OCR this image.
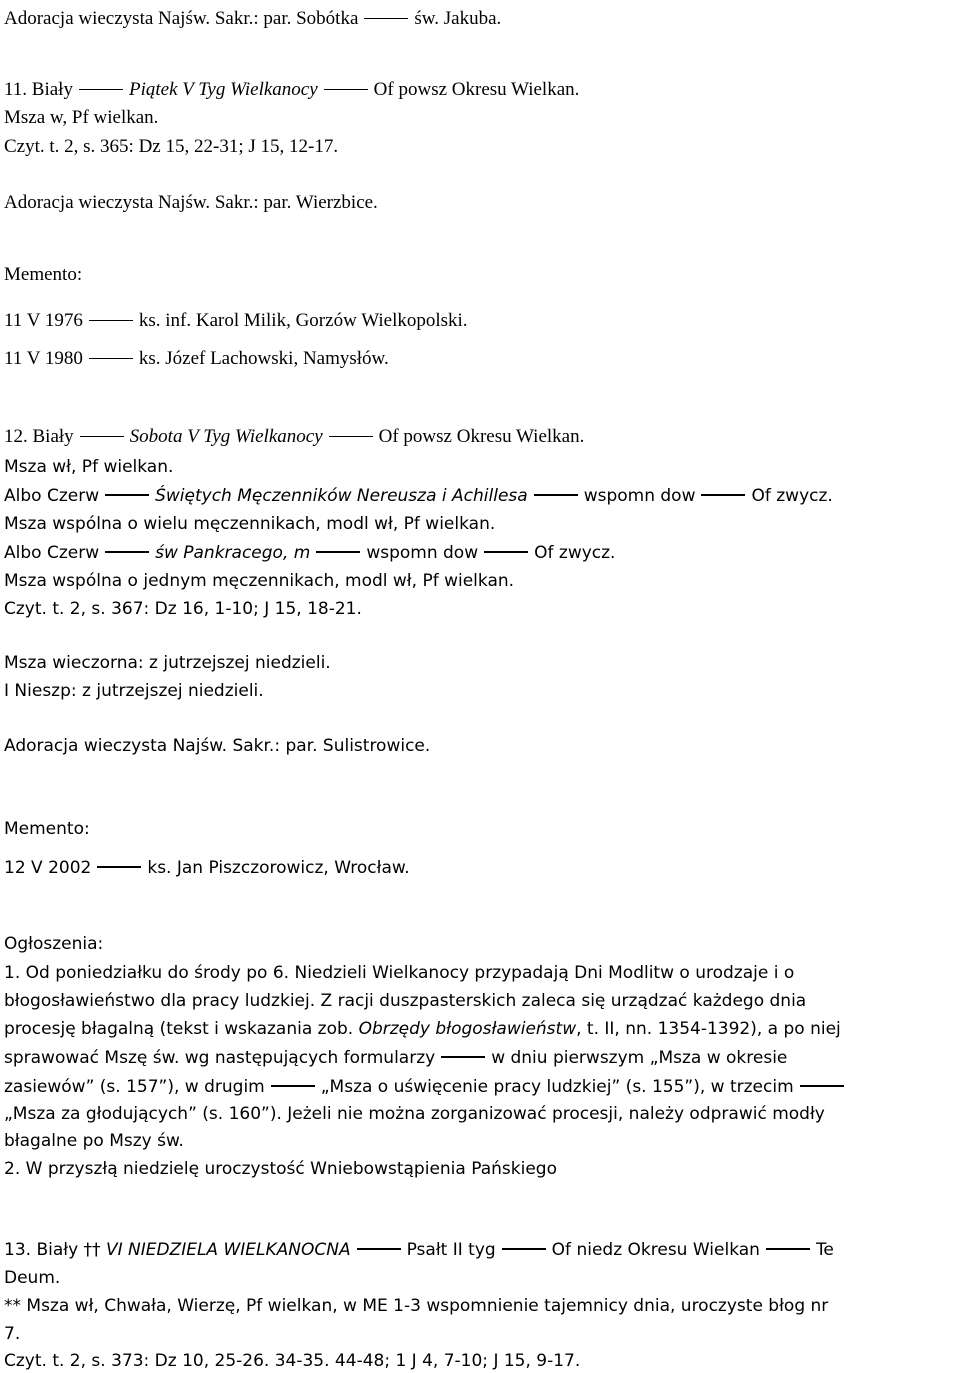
Adoracja wieczysta Najśw. Sakr.: par. Sobótka	św. Jakuba.
11. Biały	Piątek V Tyg Wielkanocy	Of powsz Okresu Wielkan.
Msza w, Pf wielkan.
Czyt. t. 2, s. 365: Dz 15, 22-31; J 15, 12-17.
Adoracja wieczysta Najśw. Sakr.: par. Wierzbice.
Memento:
11 V 1976	ks. inf. Karol Milik, Gorzów Wielkopolski.
11 V 1980	ks. Józef Lachowski, Namysłów.
12. Biały	Sobota V Tyg Wielkanocy	Of powsz Okresu Wielkan.
Msza wł, Pf wielkan.
Albo Czerw	Świętych Męczenników Nereusza i Achillesa	wspomn dow	Of zwycz.
Msza wspólna o wielu męczennikach, modl wł, Pf wielkan.
Albo Czerw	św Pankracego, m	wspomn dow	Of zwycz.
Msza wspólna o jednym męczennikach, modl wł, Pf wielkan.
Czyt. t. 2, s. 367: Dz 16, 1-10; J 15, 18-21.
Msza wieczorna: z jutrzejszej niedzieli.
I Nieszp: z jutrzejszej niedzieli.
Adoracja wieczysta Najśw. Sakr.: par. Sulistrowice.
Memento:
12 V 2002	ks. Jan Piszczorowicz, Wrocław.
Ogłoszenia:
1. Od poniedziałku do środy po 6. Niedzieli Wielkanocy przypadają Dni Modlitw o urodzaje i o
błogosławieństwo dla pracy ludzkiej. Z racji duszpasterskich zaleca się urządzać każdego dnia
procesję błagalną (tekst i wskazania zob. Obrzędy błogosławieństw, t. II, nn. 1354-1392), a po niej
sprawować Mszę św. wg następujących formularzy	w dniu pierwszym „Msza w okresie
zasiewów” (s. 157”), w drugim	„Msza o uświęcenie pracy ludzkiej” (s. 155”), w trzecim
„Msza za głodujących” (s. 160”). Jeżeli nie można zorganizować procesji, należy odprawić modły
błagalne po Mszy św.
2. W przyszłą niedzielę uroczystość Wniebowstąpienia Pańskiego
13. Biały †† VI NIEDZIELA WIELKANOCNA	Psałt II tyg	Of niedz Okresu Wielkan	Te
Deum.
** Msza wł, Chwała, Wierzę, Pf wielkan, w ME 1-3 wspomnienie tajemnicy dnia, uroczyste błog nr
7.
Czyt. t. 2, s. 373: Dz 10, 25-26. 34-35. 44-48; 1 J 4, 7-10; J 15, 9-17.
